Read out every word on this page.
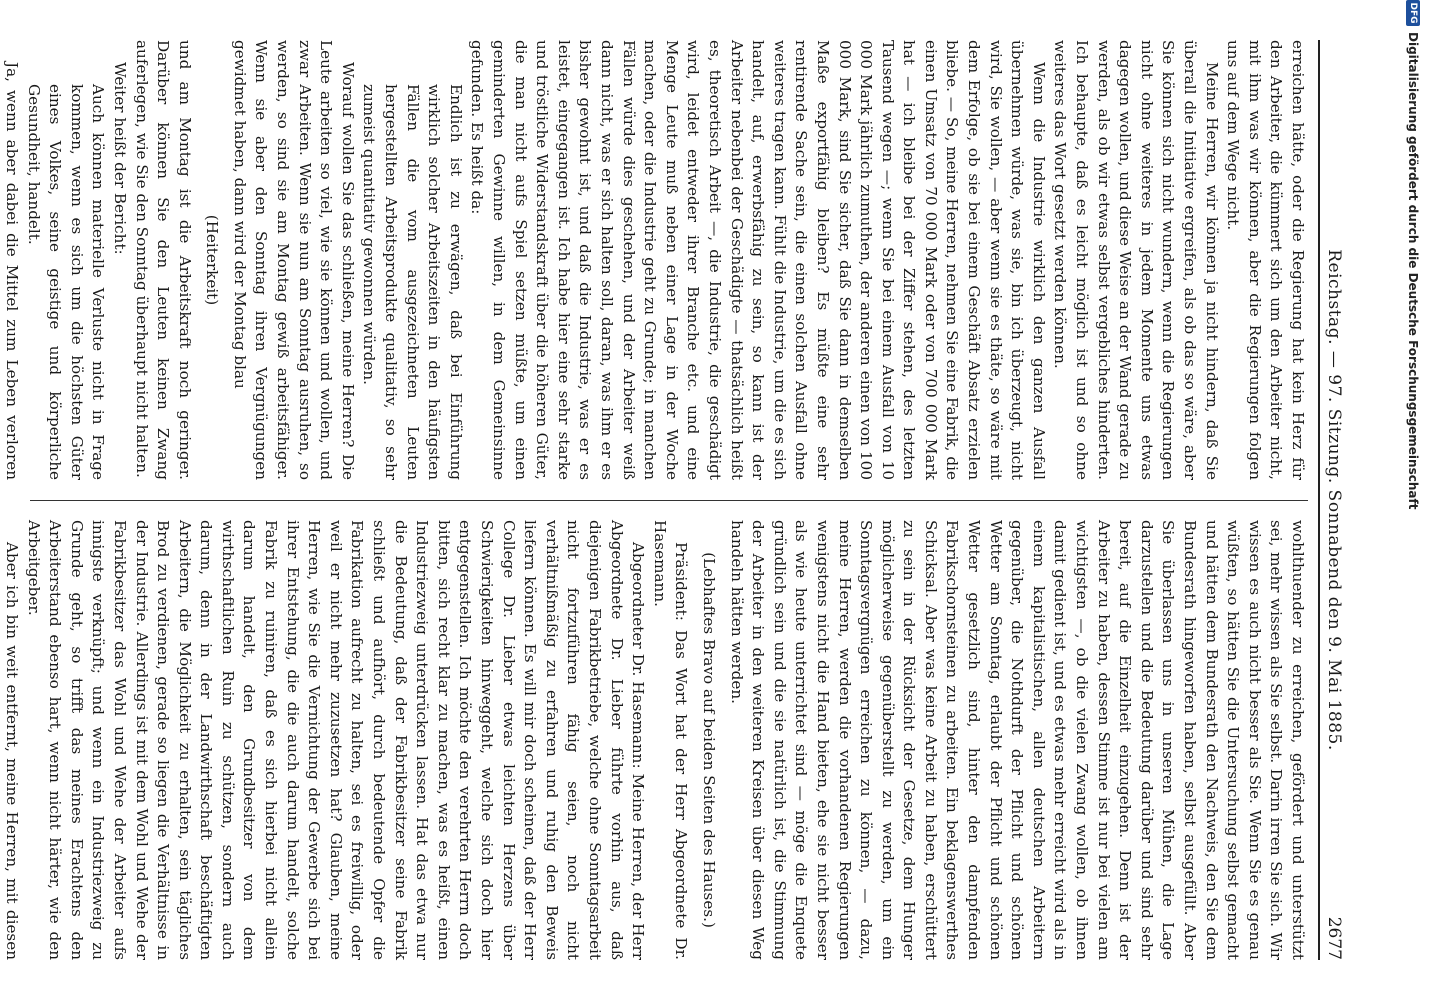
Reichstag. — 97. Sitzung. Sonnabend den 9. Mai 1885.
2677

erreichen hätte, oder die Regierung hat kein Herz für den Arbeiter, die kümmert sich um den Arbeiter nicht, mit ihm was wir können, aber die Regierungen folgen uns auf dem Wege nicht.

Meine Herren, wir können ja nicht hindern, daß Sie überall die Initiative ergreifen, als ob das so wäre, aber Sie können sich nicht wundern, wenn die Regierungen nicht ohne weiteres in jedem Momente uns etwas dagegen wollen, und diese Weise an der Wand gerade zu werden, als ob wir etwas selbst vergebliches hinderten. Ich behaupte, daß es leicht möglich ist und so ohne weiteres das Wort gesetzt werden können.

Wenn die Industrie wirklich den ganzen Ausfall übernehmen würde, was sie, bin ich überzeugt, nicht wird, Sie wollen, — aber wenn sie es thäte, so wäre mit dem Erfolge, ob sie bei einem Geschäft Absatz erzielen bliebe. — So, meine Herren, nehmen Sie eine Fabrik, die einen Umsatz von 70 000 Mark oder von 700 000 Mark hat — ich bleibe bei der Ziffer stehen, des letzten Tausend wegen —; wenn Sie bei einem Ausfall von 10 000 Mark jährlich zumuthen, der anderen einen von 100 000 Mark, sind Sie sicher, daß Sie dann in demselben Maße exportfähig bleiben? Es müßte eine sehr rentirende Sache sein, die einen solchen Ausfall ohne weiteres tragen kann. Fühlt die Industrie, um die es sich handelt, auf, erwerbsfähig zu sein, so kann ist der Arbeiter nebenbei der Geschädigte — thatsächlich heißt es, theoretisch Arbeit —, die Industrie, die geschädigt wird, leidet entweder ihrer Branche etc. und eine Menge Leute muß neben einer Lage in der Woche machen, oder die Industrie geht zu Grunde; in manchen Fällen würde dies geschehen, und der Arbeiter weiß dann nicht, was er sich halten soll, daran, was ihm er es bisher gewohnt ist, und daß die Industrie, was er es leistet, eingegangen ist. Ich habe hier eine sehr starke und tröstliche Widerstandskraft über die höheren Güter, die man nicht aufs Spiel setzen müßte, um einen geminderten Gewinne willen, in dem Gemeinsinne gefunden. Es heißt da:

Endlich ist zu erwägen, daß bei Einführung wirklich solcher Arbeitszeiten in den häufigsten Fällen die vom ausgezeichneten Leuten hergestellten Arbeitsprodukte qualitativ, so sehr zumeist quantitativ gewonnen würden.

Worauf wollen Sie das schließen, meine Herren? Die Leute arbeiten so viel, wie sie können und wollen, und zwar Arbeiten. Wenn sie nun am Sonntag ausruhen, so werden, so sind sie am Montag gewiß arbeitsfähiger. Wenn sie aber den Sonntag ihren Vergnügungen gewidmet haben, dann wird der Montag blau

(Heiterkeit)

und am Montag ist die Arbeitskraft noch geringer. Darüber können Sie den Leuten keinen Zwang auferlegen, wie Sie den Sonntag überhaupt nicht halten.

Weiter heißt der Bericht:

Auch können materielle Verluste nicht in Frage kommen, wenn es sich um die höchsten Güter eines Volkes, seine geistige und körperliche Gesundheit, handelt.

Ja, wenn aber dabei die Mittel zum Leben verloren

wohlthuender zu erreichen, gefördert und unterstützt sei, mehr wissen als Sie selbst. Darin irren Sie sich. Wir wissen es auch nicht besser als Sie. Wenn Sie es genau wüßten, so hätten Sie die Untersuchung selbst gemacht und hätten dem Bundesrath den Nachweis, den Sie dem Bundesrath hingeworfen haben, selbst ausgefüllt. Aber Sie überlassen uns in unseren Mühen, die Lage darzustellen und die Bedeutung darüber und sind sehr bereit, auf die Einzelheit einzugehen. Denn ist der Arbeiter zu haben, dessen Stimme ist nur bei vielen am wichtigsten —, ob die vielen Zwang wollen, ob ihnen damit gedient ist, und es etwas mehr erreicht wird als in einem kapitalistischen, allen deutschen Arbeitern gegenüber, die Nothdurft der Pflicht und schönen Wetter am Sonntag, erlaubt der Pflicht und schönen Wetter gesetzlich sind, hinter den dampfenden Fabrikschornsteinen zu arbeiten. Ein beklagenswerthes Schicksal. Aber was keine Arbeit zu haben, erschüttert zu sein in der Rücksicht der Gesetze, dem Hunger möglicherweise gegenüberstellt zu werden, um ein Sonntagsvergnügen erreichen zu können, — dazu, meine Herren, werden die vorhandenen Regierungen wenigstens nicht die Hand bieten, ehe sie nicht besser als wie heute unterrichtet sind — möge die Enquete gründlich sein und die sie natürlich ist, die Stimmung der Arbeiter in den weiteren Kreisen über diesen Weg handeln hätten werden.

(Lebhaftes Bravo auf beiden Seiten des Hauses.)

Präsident: Das Wort hat der Herr Abgeordnete Dr. Hasemann.

Abgeordneter Dr. Hasemann: Meine Herren, der Herr Abgeordnete Dr. Lieber führte vorhin aus, daß diejenigen Fabrikbetriebe, welche ohne Sonntagsarbeit nicht fortzuführen fähig seien, noch nicht verhältnißmäßig zu erfahren und ruhig den Beweis liefern können. Es will mir doch scheinen, daß der Herr College Dr. Lieber etwas leichten Herzens über Schwierigkeiten hinweggeht, welche sich doch hier entgegenstellen. Ich möchte den verehrten Herrn doch bitten, sich recht klar zu machen, was es heißt, einen Industriezweig unterdrücken lassen. Hat das etwa nur die Bedeutung, daß der Fabrikbesitzer seine Fabrik schließt und aufhört, durch bedeutende Opfer die Fabrikation aufrecht zu halten, sei es freiwillig, oder weil er nicht mehr zuzusetzen hat? Glauben, meine Herren, wie Sie die Vernichtung der Gewerbe sich bei ihrer Entstehung, die die auch darum handelt, solche Fabrik zu ruiniren, daß es sich hierbei nicht allein darum handelt, den Grundbesitzer von dem wirthschaftlichen Ruin zu schützen, sondern auch darum, denn in der Landwirthschaft beschäftigten Arbeitern, die Möglichkeit zu erhalten, sein tägliches Brod zu verdienen, gerade so liegen die Verhältnisse in der Industrie. Allerdings ist mit dem Wohl und Wehe der Fabrikbesitzer das Wohl und Wehe der Arbeiter aufs innigste verknüpft; und wenn ein Industriezweig zu Grunde geht, so trifft das meines Erachtens den Arbeiterstand ebenso hart, wenn nicht härter, wie den Arbeitgeber.

Aber ich bin weit entfernt, meine Herren, mit diesen

DFG
Digitalisierung gefördert durch die Deutsche Forschungsgemeinschaft
